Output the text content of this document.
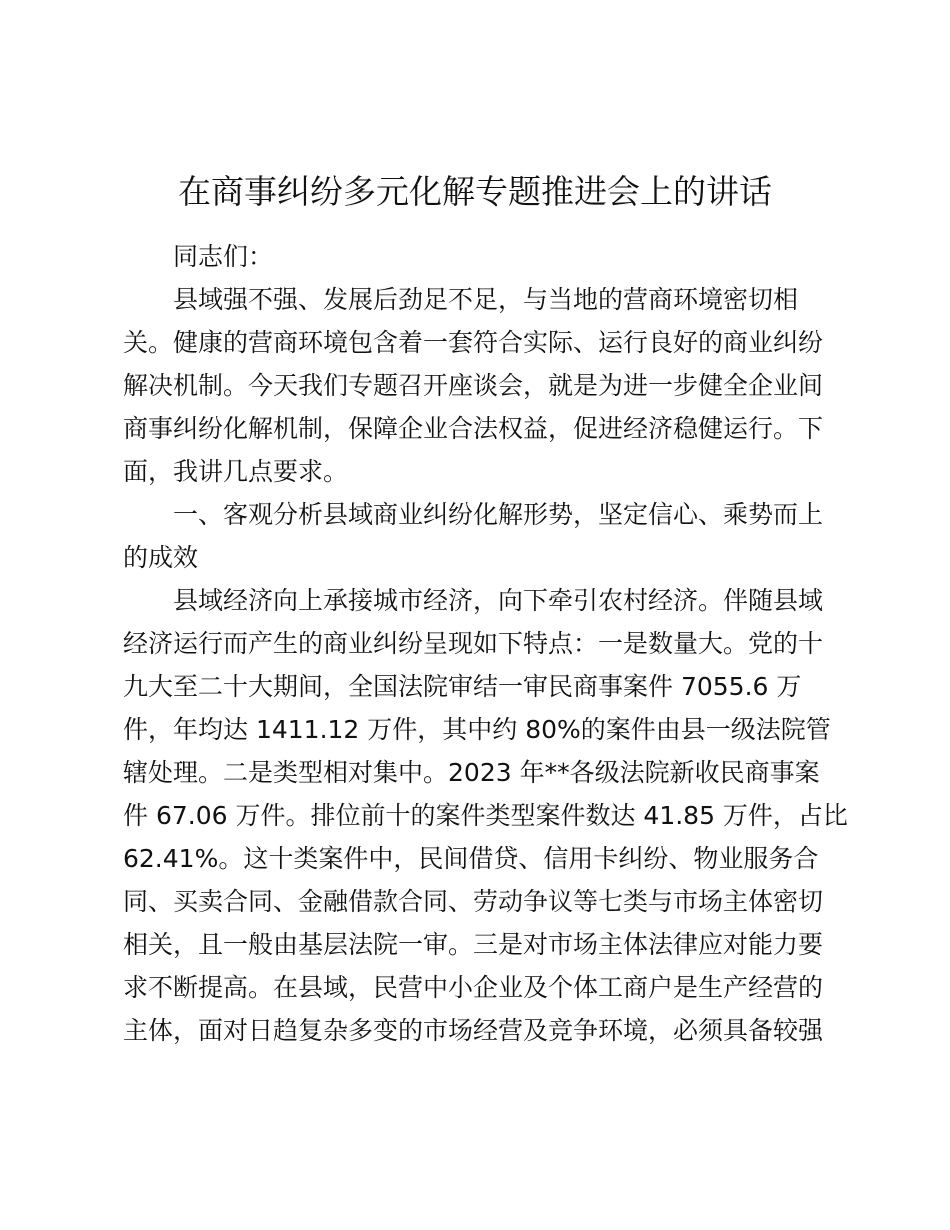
在商事纠纷多元化解专题推进会上的讲话
同志们：
县域强不强、发展后劲足不足，与当地的营商环境密切相
关。健康的营商环境包含着一套符合实际、运行良好的商业纠纷
解决机制。今天我们专题召开座谈会，就是为进一步健全企业间
商事纠纷化解机制，保障企业合法权益，促进经济稳健运行。下
面，我讲几点要求。
一、客观分析县域商业纠纷化解形势，坚定信心、乘势而上
的成效
县域经济向上承接城市经济，向下牵引农村经济。伴随县域
经济运行而产生的商业纠纷呈现如下特点：一是数量大。党的十
九大至二十大期间，全国法院审结一审民商事案件 7055.6 万
件，年均达 1411.12 万件，其中约 80%的案件由县一级法院管
辖处理。二是类型相对集中。2023 年**各级法院新收民商事案
件 67.06 万件。排位前十的案件类型案件数达 41.85 万件，占比
62.41%。这十类案件中，民间借贷、信用卡纠纷、物业服务合
同、买卖合同、金融借款合同、劳动争议等七类与市场主体密切
相关，且一般由基层法院一审。三是对市场主体法律应对能力要
求不断提高。在县域，民营中小企业及个体工商户是生产经营的
主体，面对日趋复杂多变的市场经营及竞争环境，必须具备较强
